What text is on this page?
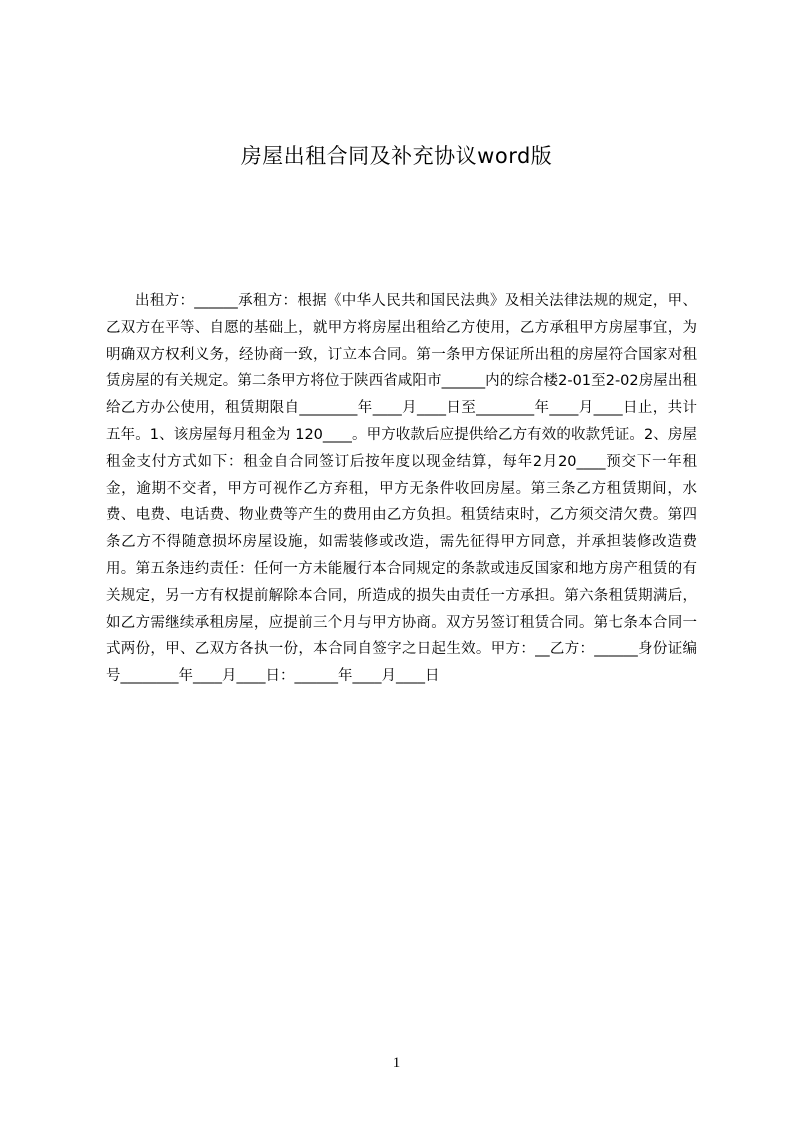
房屋出租合同及补充协议word版

出租方：______承租方：根据《中华人民共和国民法典》及相关法律法规的规定，甲、乙双方在平等、自愿的基础上，就甲方将房屋出租给乙方使用，乙方承租甲方房屋事宜，为明确双方权利义务，经协商一致，订立本合同。第一条甲方保证所出租的房屋符合国家对租赁房屋的有关规定。第二条甲方将位于陕西省咸阳市______内的综合楼2-01至2-02房屋出租给乙方办公使用，租赁期限自________年____月____日至________年____月____日止，共计五年。1、该房屋每月租金为 120____。甲方收款后应提供给乙方有效的收款凭证。2、房屋租金支付方式如下：租金自合同签订后按年度以现金结算，每年2月20____预交下一年租金，逾期不交者，甲方可视作乙方弃租，甲方无条件收回房屋。第三条乙方租赁期间，水费、电费、电话费、物业费等产生的费用由乙方负担。租赁结束时，乙方须交清欠费。第四条乙方不得随意损坏房屋设施，如需装修或改造，需先征得甲方同意，并承担装修改造费用。第五条违约责任：任何一方未能履行本合同规定的条款或违反国家和地方房产租赁的有关规定，另一方有权提前解除本合同，所造成的损失由责任一方承担。第六条租赁期满后，如乙方需继续承租房屋，应提前三个月与甲方协商。双方另签订租赁合同。第七条本合同一式两份，甲、乙双方各执一份，本合同自签字之日起生效。甲方：__乙方：______身份证编号________年____月____日：______年____月____日

1
